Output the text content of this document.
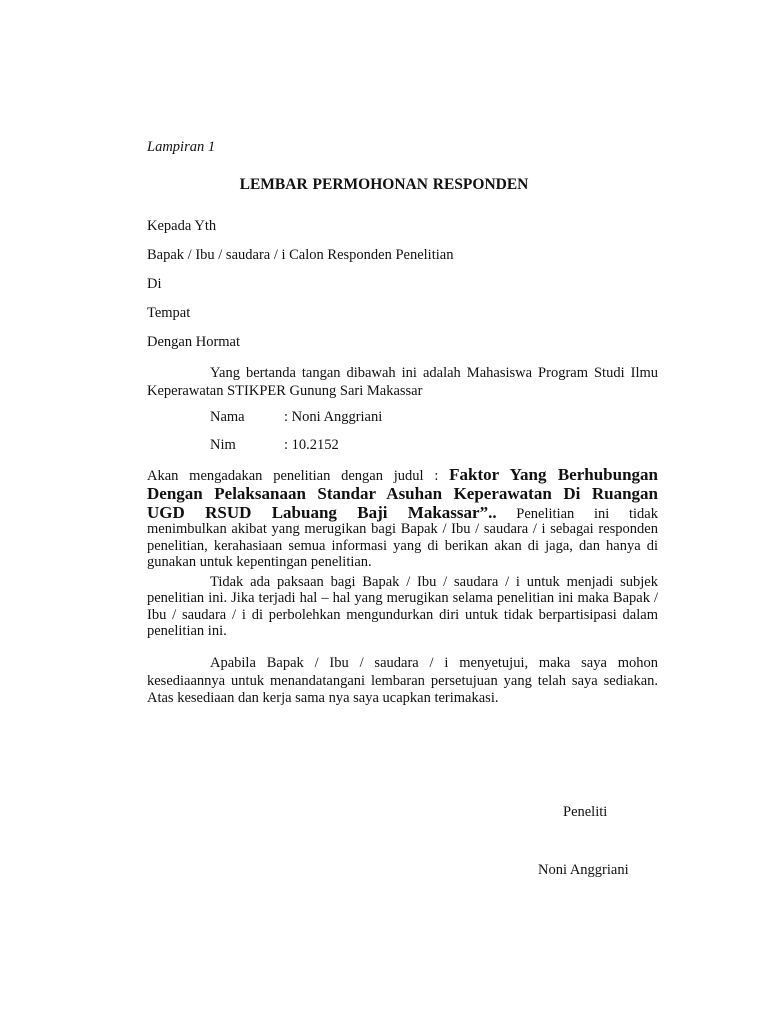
Lampiran 1
LEMBAR PERMOHONAN RESPONDEN
Kepada Yth
Bapak / Ibu / saudara / i Calon Responden Penelitian
Di
Tempat
Dengan Hormat
Yang bertanda tangan dibawah ini adalah Mahasiswa Program Studi Ilmu Keperawatan STIKPER Gunung Sari Makassar
Nama	: Noni Anggriani
Nim	: 10.2152
Akan mengadakan penelitian dengan judul : Faktor Yang Berhubungan
Dengan Pelaksanaan Standar Asuhan Keperawatan Di Ruangan
UGD RSUD Labuang Baji Makassar”.. Penelitian ini tidak
menimbulkan akibat yang merugikan bagi Bapak / Ibu / saudara / i sebagai responden penelitian, kerahasiaan semua informasi yang di berikan akan di jaga, dan hanya di gunakan untuk kepentingan penelitian.
Tidak ada paksaan bagi Bapak / Ibu / saudara / i untuk menjadi subjek penelitian ini. Jika terjadi hal – hal yang merugikan selama penelitian ini maka Bapak / Ibu / saudara / i di perbolehkan mengundurkan diri untuk tidak berpartisipasi dalam penelitian ini.
Apabila Bapak / Ibu / saudara / i menyetujui, maka saya mohon kesediaannya untuk menandatangani lembaran persetujuan yang telah saya sediakan. Atas kesediaan dan kerja sama nya saya ucapkan terimakasi.
Peneliti
Noni Anggriani
